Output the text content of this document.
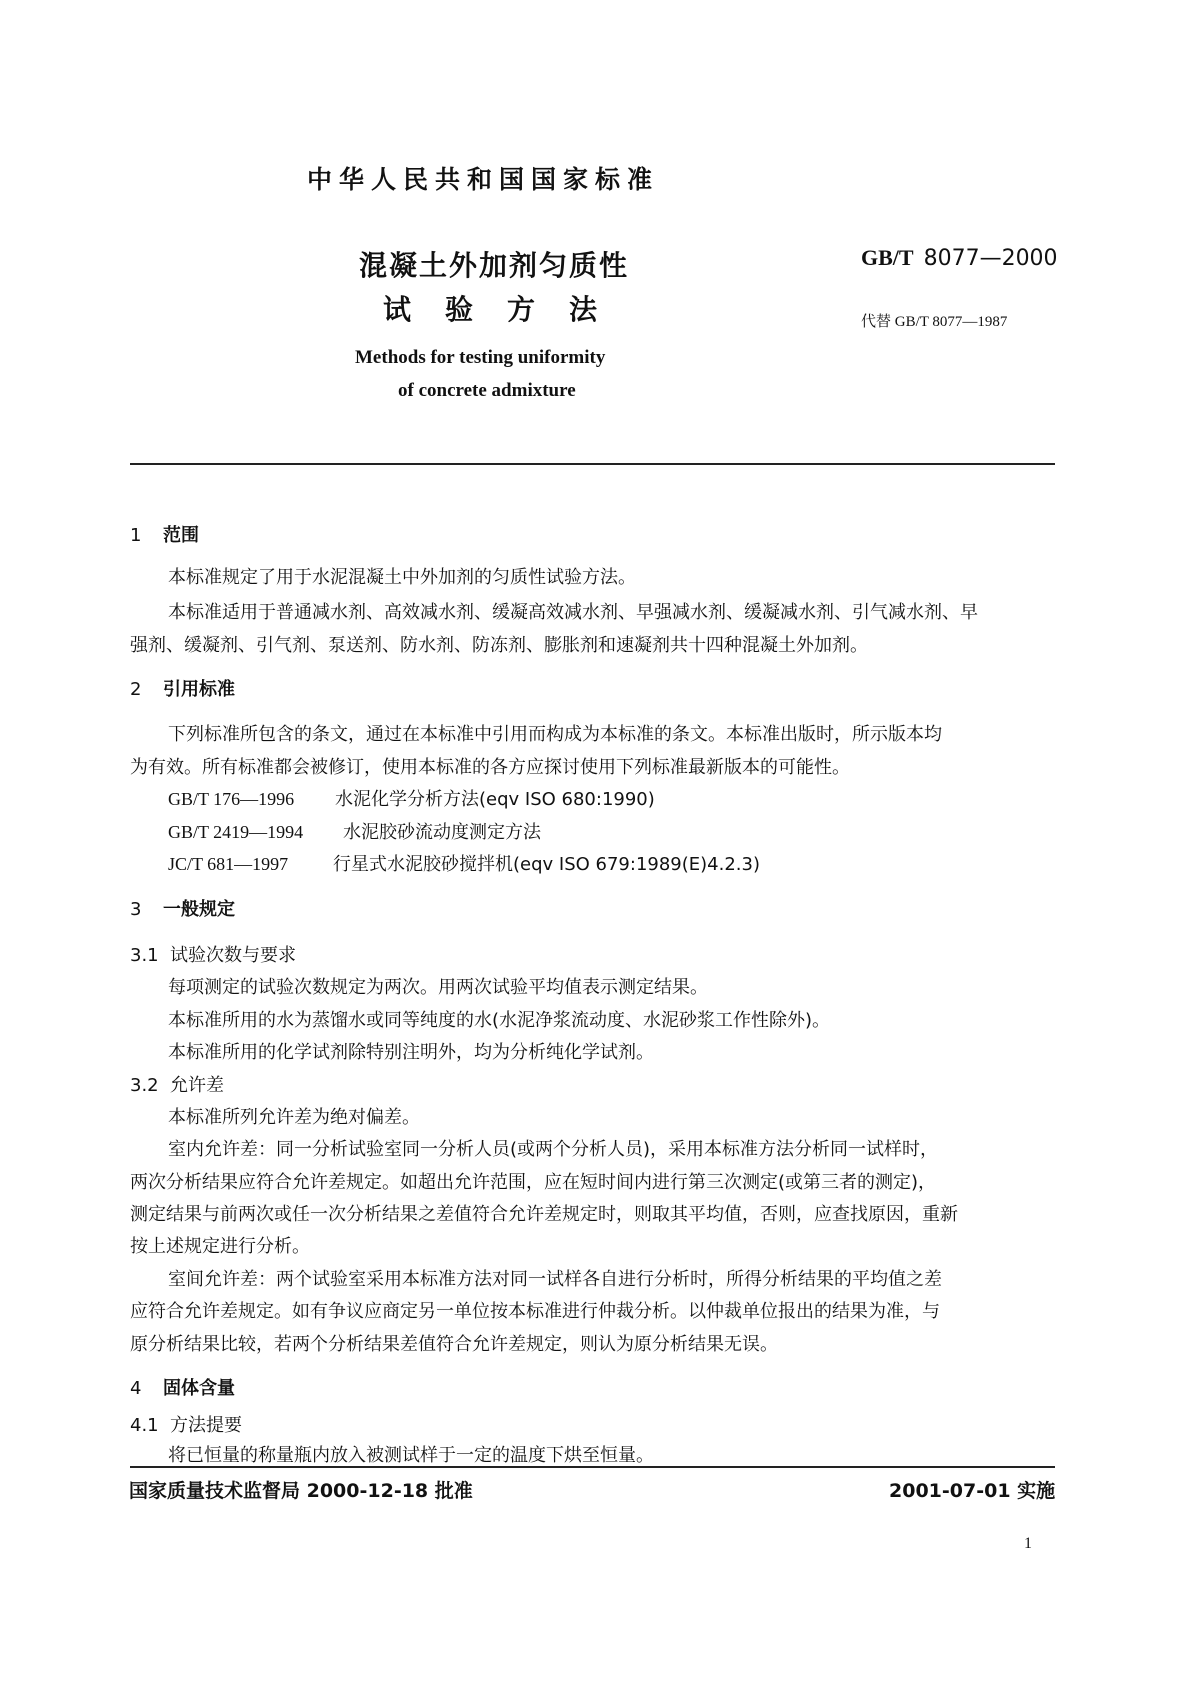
中华人民共和国国家标准
混凝土外加剂匀质性
试验方法
Methods for testing uniformity
of concrete admixture
GB/T 8077—2000
代替 GB/T 8077—1987
1 范围
本标准规定了用于水泥混凝土中外加剂的匀质性试验方法。
本标准适用于普通减水剂、高效减水剂、缓凝高效减水剂、早强减水剂、缓凝减水剂、引气减水剂、早
强剂、缓凝剂、引气剂、泵送剂、防水剂、防冻剂、膨胀剂和速凝剂共十四种混凝土外加剂。
2 引用标准
下列标准所包含的条文，通过在本标准中引用而构成为本标准的条文。本标准出版时，所示版本均
为有效。所有标准都会被修订，使用本标准的各方应探讨使用下列标准最新版本的可能性。
GB/T 176—1996 水泥化学分析方法(eqv ISO 680:1990)
GB/T 2419—1994 水泥胶砂流动度测定方法
JC/T 681—1997 行星式水泥胶砂搅拌机(eqv ISO 679:1989(E)4.2.3)
3 一般规定
3.1 试验次数与要求
每项测定的试验次数规定为两次。用两次试验平均值表示测定结果。
本标准所用的水为蒸馏水或同等纯度的水(水泥净浆流动度、水泥砂浆工作性除外)。
本标准所用的化学试剂除特别注明外，均为分析纯化学试剂。
3.2 允许差
本标准所列允许差为绝对偏差。
室内允许差：同一分析试验室同一分析人员(或两个分析人员)，采用本标准方法分析同一试样时，
两次分析结果应符合允许差规定。如超出允许范围，应在短时间内进行第三次测定(或第三者的测定)，
测定结果与前两次或任一次分析结果之差值符合允许差规定时，则取其平均值，否则，应查找原因，重新
按上述规定进行分析。
室间允许差：两个试验室采用本标准方法对同一试样各自进行分析时，所得分析结果的平均值之差
应符合允许差规定。如有争议应商定另一单位按本标准进行仲裁分析。以仲裁单位报出的结果为准，与
原分析结果比较，若两个分析结果差值符合允许差规定，则认为原分析结果无误。
4 固体含量
4.1 方法提要
将已恒量的称量瓶内放入被测试样于一定的温度下烘至恒量。
国家质量技术监督局 2000-12-18 批准	2001-07-01 实施
1
